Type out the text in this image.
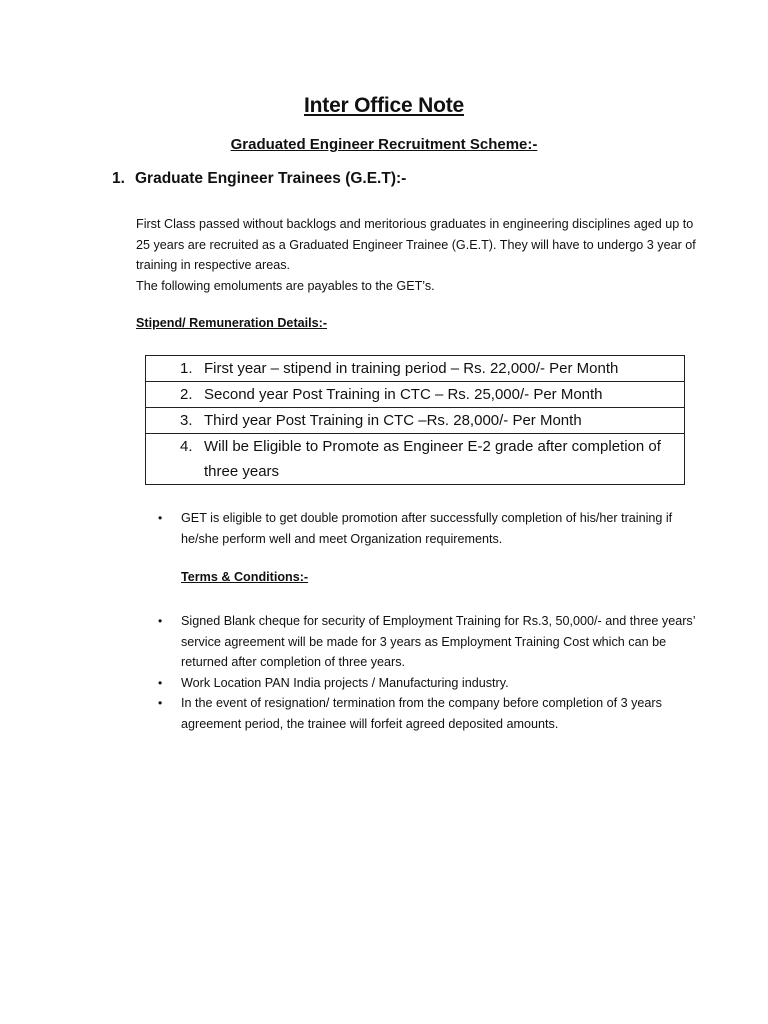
Inter Office Note
Graduated Engineer Recruitment Scheme:-
1. Graduate Engineer Trainees (G.E.T):-

First Class passed without backlogs and meritorious graduates in engineering disciplines aged up to 25 years are recruited as a Graduated Engineer Trainee (G.E.T). They will have to undergo 3 year of training in respective areas.

The following emoluments are payables to the GET’s.

Stipend/ Remuneration Details:-
1. First year – stipend in training period – Rs. 22,000/- Per Month

2. Second year Post Training in CTC – Rs. 25,000/- Per Month

3. Third year Post Training in CTC –Rs. 28,000/- Per Month

4. Will be Eligible to Promote as Engineer E-2 grade after completion of three years
• GET is eligible to get double promotion after successfully completion of his/her training if he/she perform well and meet Organization requirements.
Terms & Conditions:-
• Signed Blank cheque for security of Employment Training for Rs.3, 50,000/- and three years’ service agreement will be made for 3 years as Employment Training Cost which can be returned after completion of three years.
• Work Location PAN India projects / Manufacturing industry.
• In the event of resignation/ termination from the company before completion of 3 years agreement period, the trainee will forfeit agreed deposited amounts.
